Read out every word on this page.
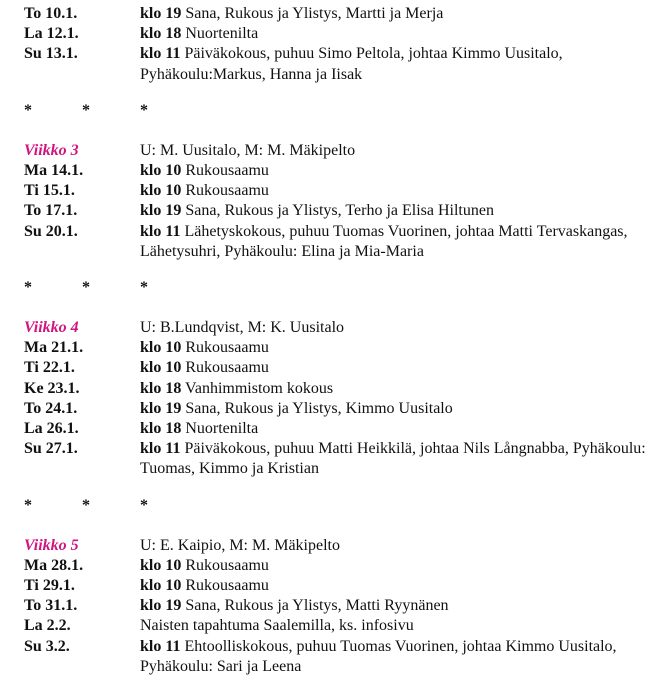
To 10.1.	klo 19 Sana, Rukous ja Ylistys, Martti ja Merja
La 12.1.	klo 18 Nuortenilta
Su 13.1.	klo 11 Päiväkokous, puhuu Simo Peltola, johtaa Kimmo Uusitalo, Pyhäkoulu:Markus, Hanna ja Iisak
*	*	*
Viikko 3	U: M. Uusitalo, M: M. Mäkipelto
Ma 14.1.	klo 10 Rukousaamu
Ti 15.1.	klo 10 Rukousaamu
To 17.1.	klo 19 Sana, Rukous ja Ylistys, Terho ja Elisa Hiltunen
Su 20.1.	klo 11 Lähetyskokous, puhuu Tuomas Vuorinen, johtaa Matti Tervaskangas, Lähetysuhri, Pyhäkoulu: Elina ja Mia-Maria
*	*	*
Viikko 4	U: B.Lundqvist, M: K. Uusitalo
Ma 21.1.	klo 10 Rukousaamu
Ti 22.1.	klo 10 Rukousaamu
Ke 23.1.	klo 18 Vanhimmistom kokous
To 24.1.	klo 19 Sana, Rukous ja Ylistys, Kimmo Uusitalo
La 26.1.	klo 18 Nuortenilta
Su 27.1.	klo 11 Päiväkokous, puhuu Matti Heikkilä, johtaa Nils Långnabba, Pyhäkoulu: Tuomas, Kimmo ja Kristian
*	*	*
Viikko 5	U: E. Kaipio, M: M. Mäkipelto
Ma 28.1.	klo 10 Rukousaamu
Ti 29.1.	klo 10 Rukousaamu
To 31.1.	klo 19 Sana, Rukous ja Ylistys, Matti Ryynänen
La 2.2.	Naisten tapahtuma Saalemilla, ks. infosivu
Su 3.2.	klo 11 Ehtoolliskokous, puhuu Tuomas Vuorinen, johtaa Kimmo Uusitalo, Pyhäkoulu: Sari ja Leena
